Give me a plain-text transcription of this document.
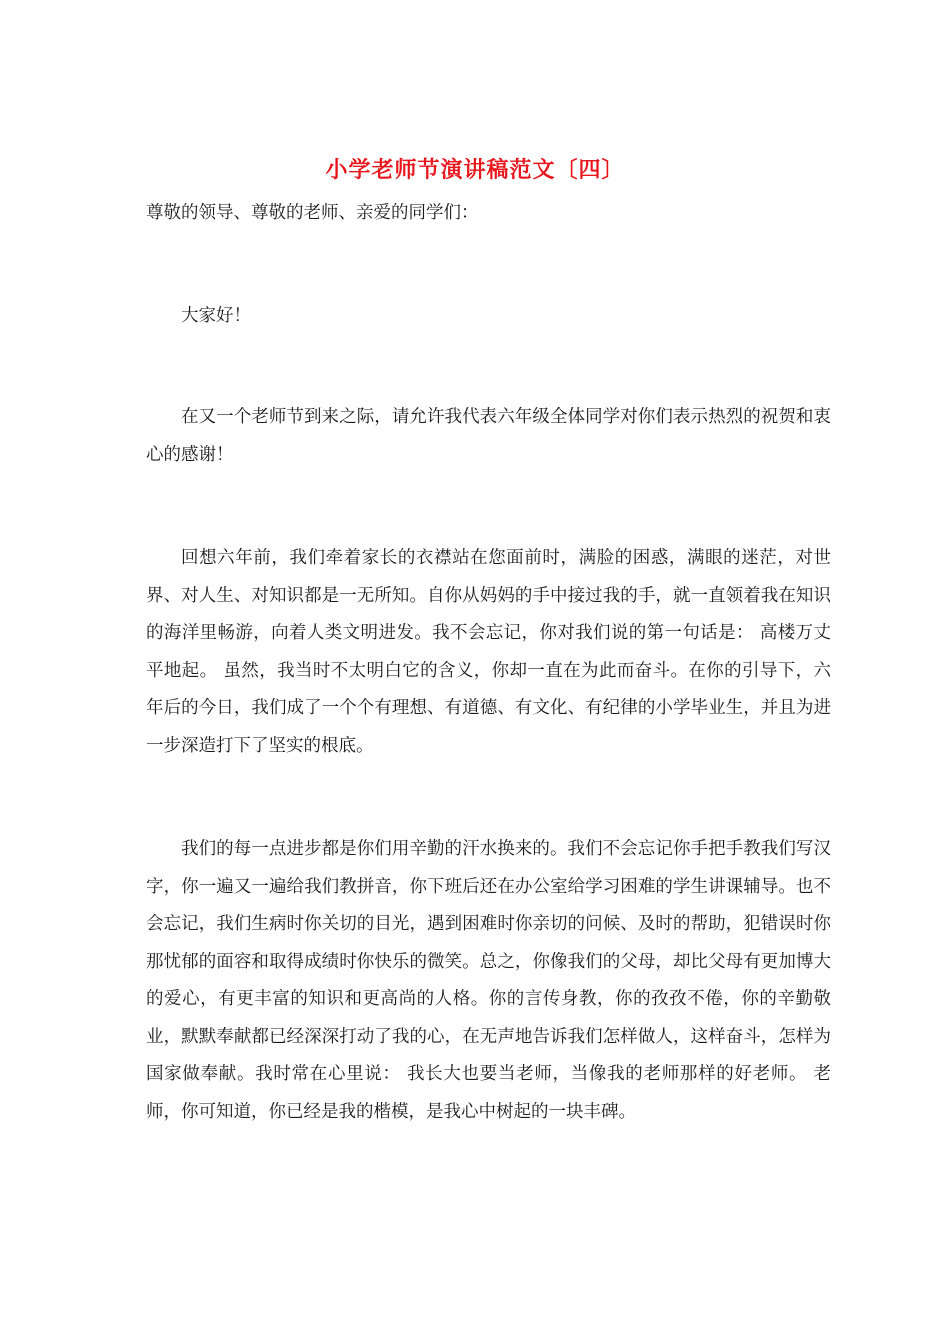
小学老师节演讲稿范文〔四〕
尊敬的领导、尊敬的老师、亲爱的同学们：

大家好！

在又一个老师节到来之际，请允许我代表六年级全体同学对你们表示热烈的祝贺和衷心的感谢！

回想六年前，我们牵着家长的衣襟站在您面前时，满脸的困惑，满眼的迷茫，对世界、对人生、对知识都是一无所知。自你从妈妈的手中接过我的手，就一直领着我在知识的海洋里畅游，向着人类文明进发。我不会忘记，你对我们说的第一句话是： 高楼万丈平地起。 虽然，我当时不太明白它的含义，你却一直在为此而奋斗。在你的引导下，六年后的今日，我们成了一个个有理想、有道德、有文化、有纪律的小学毕业生，并且为进一步深造打下了坚实的根底。

我们的每一点进步都是你们用辛勤的汗水换来的。我们不会忘记你手把手教我们写汉字，你一遍又一遍给我们教拼音，你下班后还在办公室给学习困难的学生讲课辅导。也不会忘记，我们生病时你关切的目光，遇到困难时你亲切的问候、及时的帮助，犯错误时你那忧郁的面容和取得成绩时你快乐的微笑。总之，你像我们的父母，却比父母有更加博大的爱心，有更丰富的知识和更高尚的人格。你的言传身教，你的孜孜不倦，你的辛勤敬业，默默奉献都已经深深打动了我的心，在无声地告诉我们怎样做人，这样奋斗，怎样为国家做奉献。我时常在心里说： 我长大也要当老师，当像我的老师那样的好老师。 老师，你可知道，你已经是我的楷模，是我心中树起的一块丰碑。
